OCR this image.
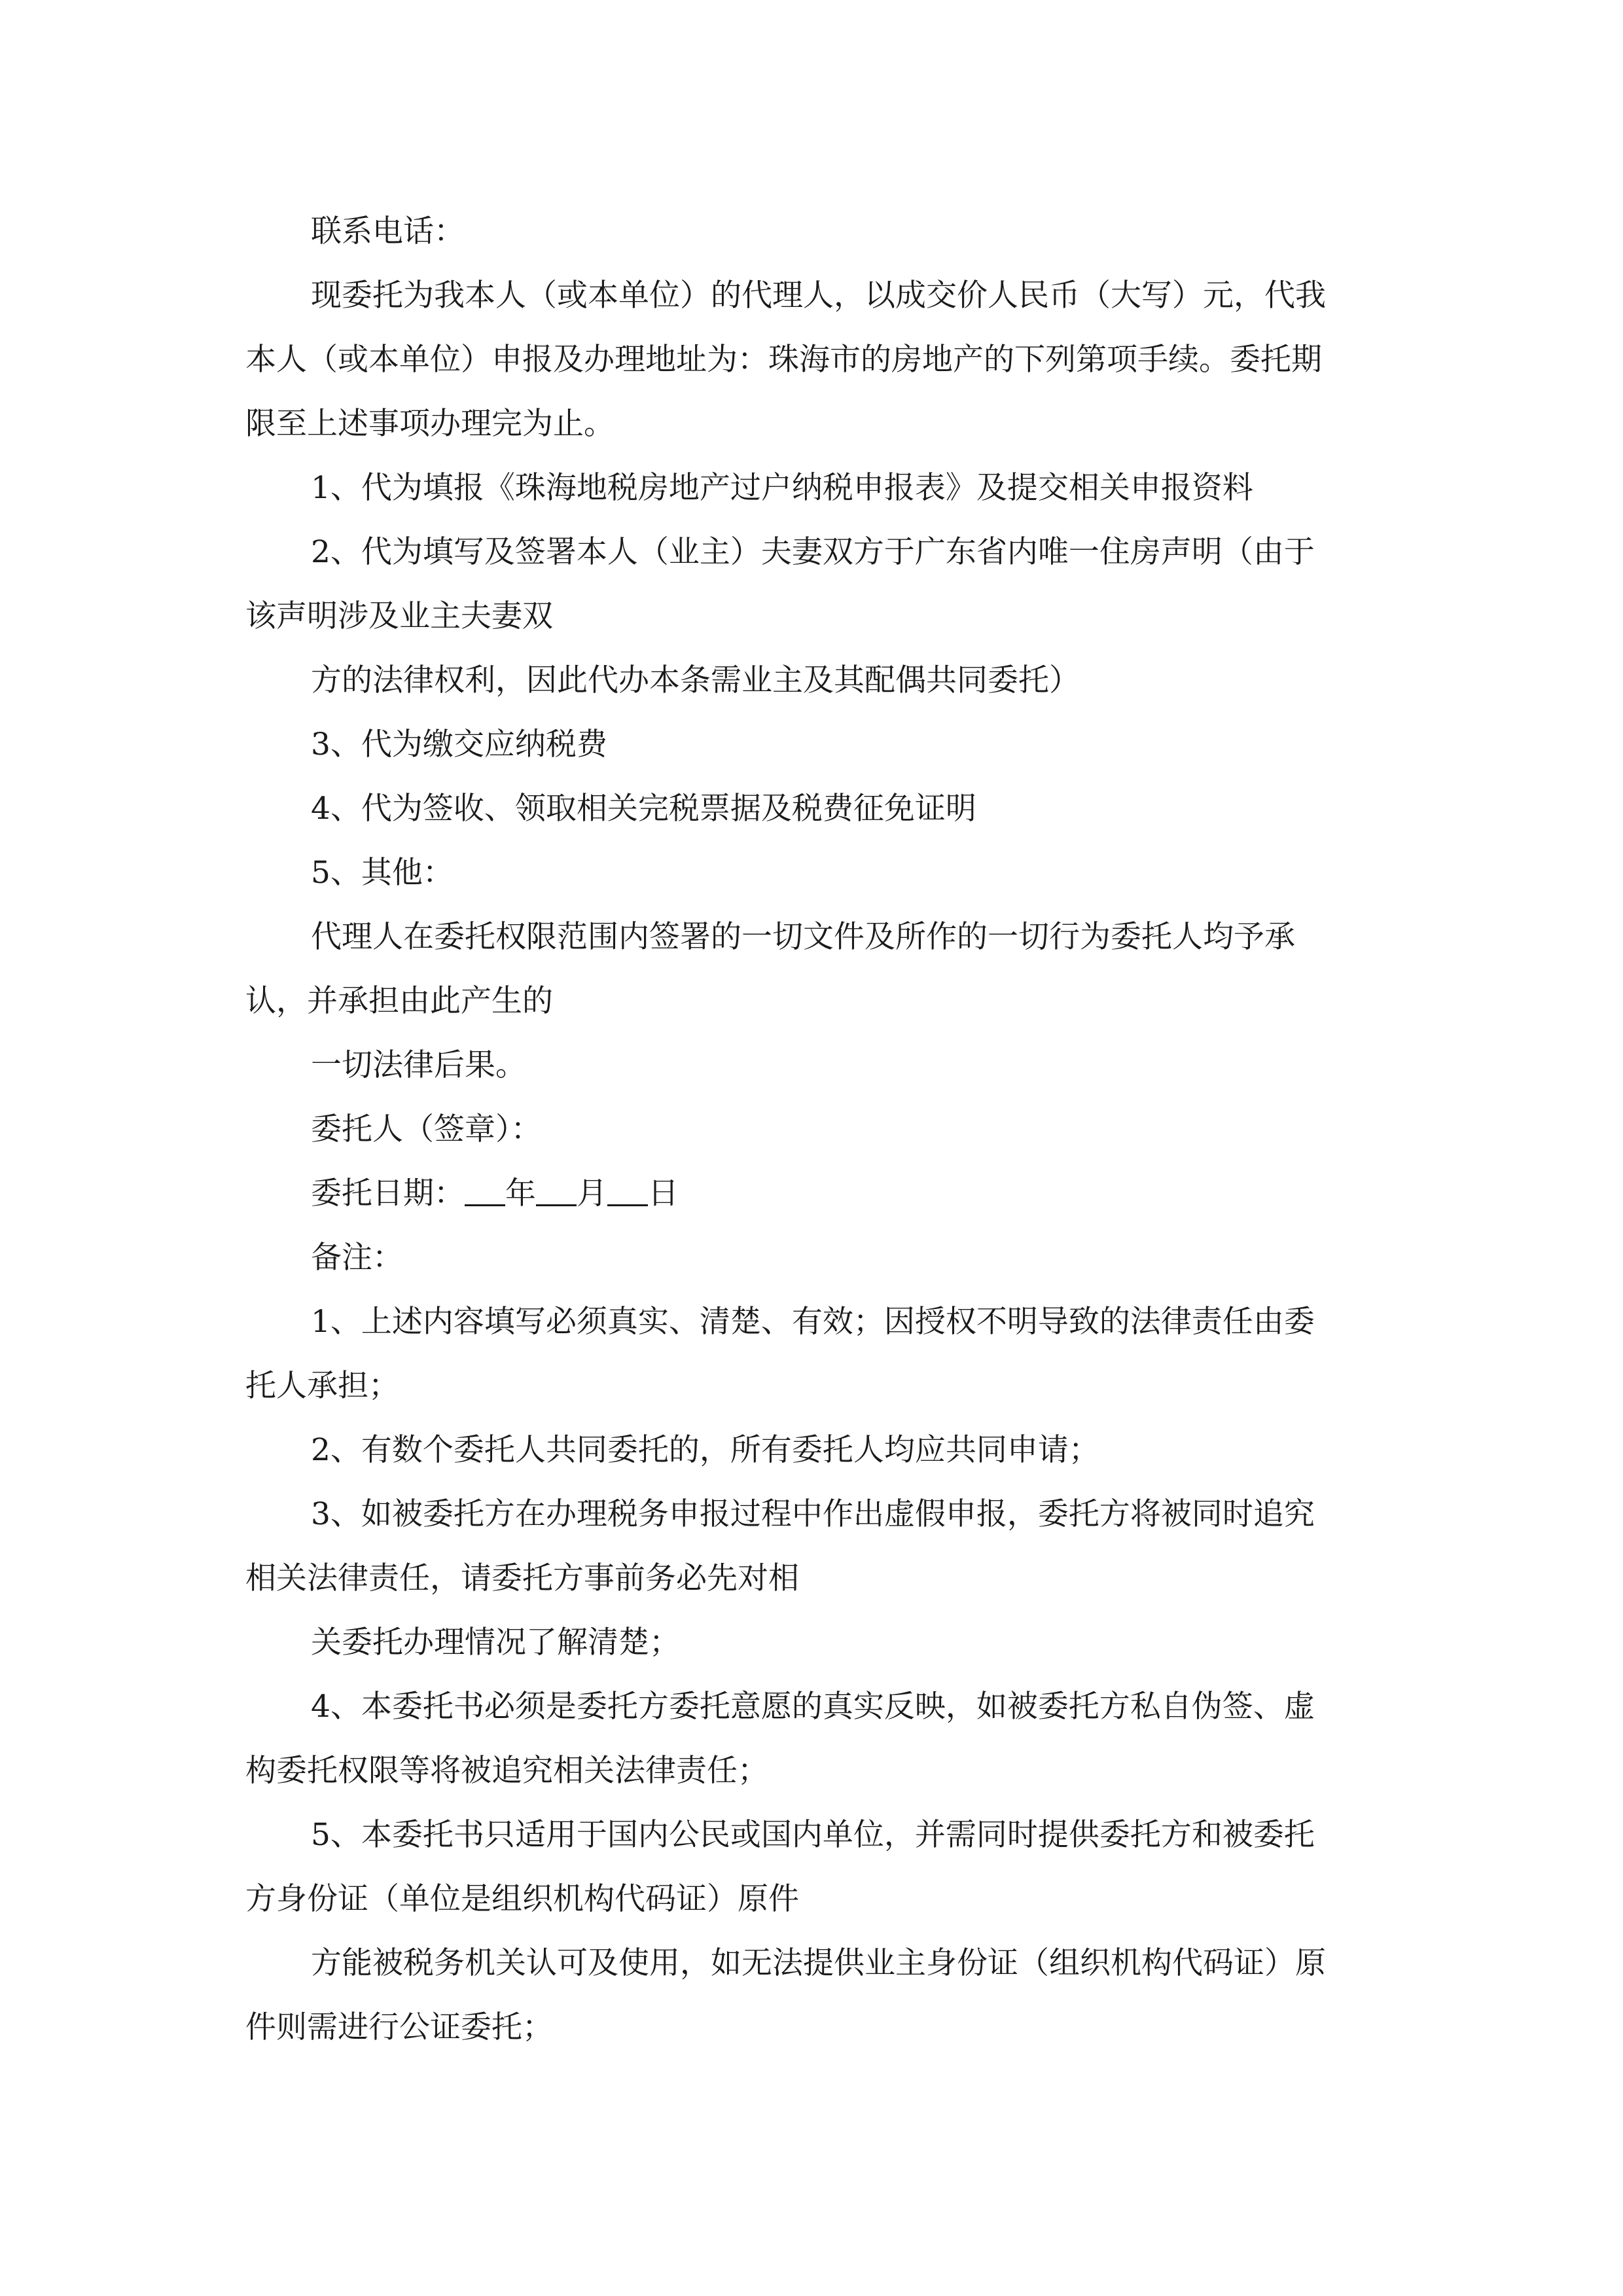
联系电话：

现委托为我本人（或本单位）的代理人，以成交价人民币（大写）元，代我

本人（或本单位）申报及办理地址为：珠海市的房地产的下列第项手续。委托期

限至上述事项办理完为止。

1、代为填报《珠海地税房地产过户纳税申报表》及提交相关申报资料

2、代为填写及签署本人（业主）夫妻双方于广东省内唯一住房声明（由于

该声明涉及业主夫妻双

方的法律权利，因此代办本条需业主及其配偶共同委托）

3、代为缴交应纳税费

4、代为签收、领取相关完税票据及税费征免证明

5、其他：

代理人在委托权限范围内签署的一切文件及所作的一切行为委托人均予承

认，并承担由此产生的

一切法律后果。

委托人（签章）：

委托日期： 年 月 日

备注：

1、上述内容填写必须真实、清楚、有效；因授权不明导致的法律责任由委

托人承担；

2、有数个委托人共同委托的，所有委托人均应共同申请；

3、如被委托方在办理税务申报过程中作出虚假申报，委托方将被同时追究

相关法律责任，请委托方事前务必先对相

关委托办理情况了解清楚；

4、本委托书必须是委托方委托意愿的真实反映，如被委托方私自伪签、虚

构委托权限等将被追究相关法律责任；

5、本委托书只适用于国内公民或国内单位，并需同时提供委托方和被委托

方身份证（单位是组织机构代码证）原件

方能被税务机关认可及使用，如无法提供业主身份证（组织机构代码证）原

件则需进行公证委托；
